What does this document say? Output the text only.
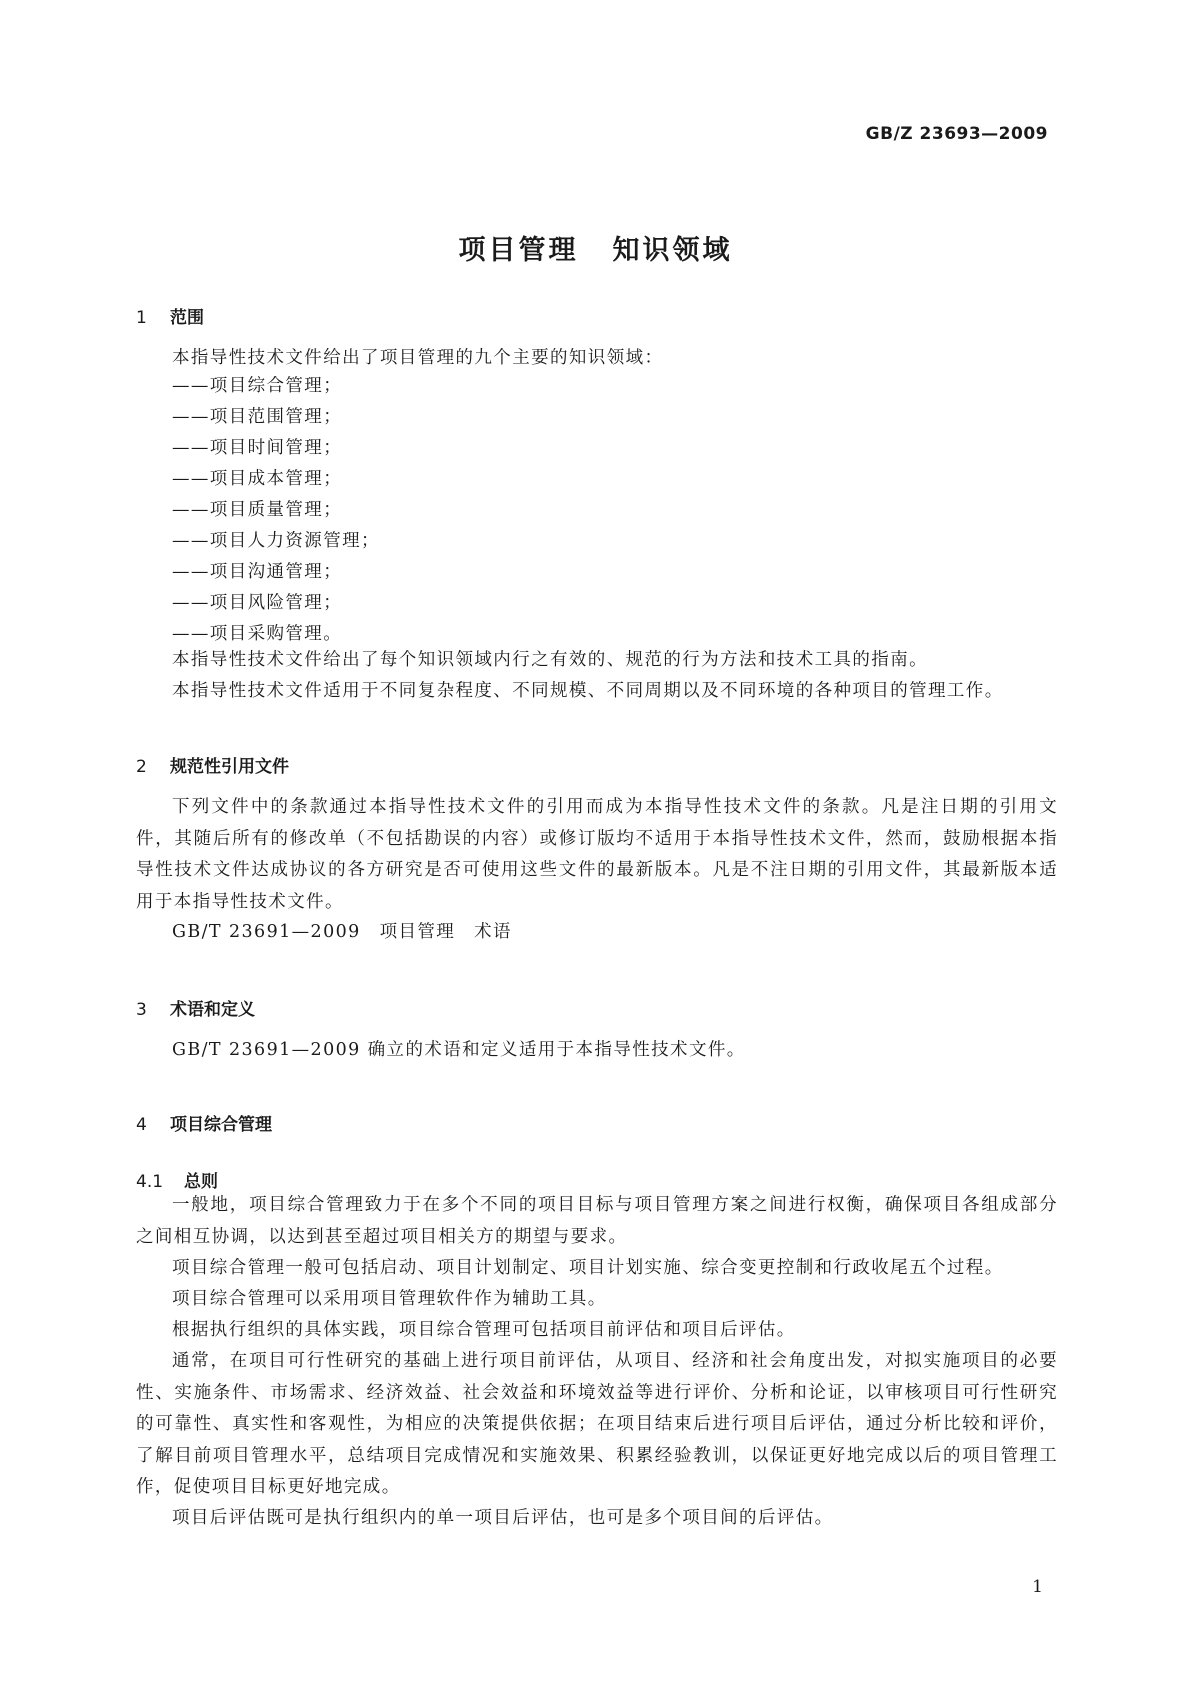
GB/Z 23693—2009
项目管理 知识领域
1 范围
本指导性技术文件给出了项目管理的九个主要的知识领域：
——项目综合管理；
——项目范围管理；
——项目时间管理；
——项目成本管理；
——项目质量管理；
——项目人力资源管理；
——项目沟通管理；
——项目风险管理；
——项目采购管理。
本指导性技术文件给出了每个知识领域内行之有效的、规范的行为方法和技术工具的指南。
本指导性技术文件适用于不同复杂程度、不同规模、不同周期以及不同环境的各种项目的管理工作。
2 规范性引用文件
下列文件中的条款通过本指导性技术文件的引用而成为本指导性技术文件的条款。凡是注日期的引用文件，其随后所有的修改单（不包括勘误的内容）或修订版均不适用于本指导性技术文件，然而，鼓励根据本指导性技术文件达成协议的各方研究是否可使用这些文件的最新版本。凡是不注日期的引用文件，其最新版本适用于本指导性技术文件。
GB/T 23691—2009　项目管理　术语
3 术语和定义
GB/T 23691—2009 确立的术语和定义适用于本指导性技术文件。
4 项目综合管理
4.1 总则
一般地，项目综合管理致力于在多个不同的项目目标与项目管理方案之间进行权衡，确保项目各组成部分之间相互协调，以达到甚至超过项目相关方的期望与要求。
项目综合管理一般可包括启动、项目计划制定、项目计划实施、综合变更控制和行政收尾五个过程。
项目综合管理可以采用项目管理软件作为辅助工具。
根据执行组织的具体实践，项目综合管理可包括项目前评估和项目后评估。
通常，在项目可行性研究的基础上进行项目前评估，从项目、经济和社会角度出发，对拟实施项目的必要性、实施条件、市场需求、经济效益、社会效益和环境效益等进行评价、分析和论证，以审核项目可行性研究的可靠性、真实性和客观性，为相应的决策提供依据；在项目结束后进行项目后评估，通过分析比较和评价，了解目前项目管理水平，总结项目完成情况和实施效果、积累经验教训，以保证更好地完成以后的项目管理工作，促使项目目标更好地完成。
项目后评估既可是执行组织内的单一项目后评估，也可是多个项目间的后评估。
1
